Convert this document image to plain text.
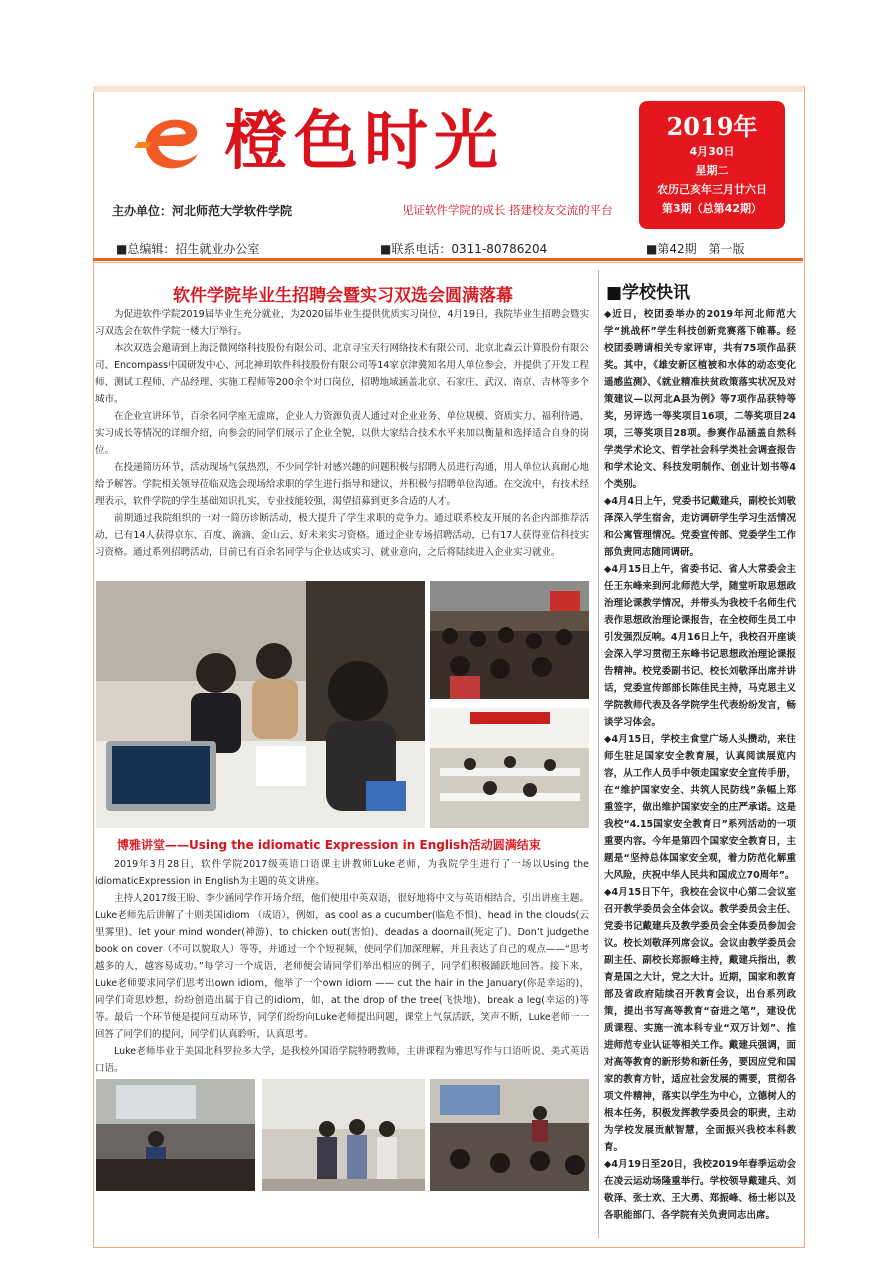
橙色时光
主办单位：河北师范大学软件学院	见证软件学院的成长 搭建校友交流的平台
2019年
4月30日
星期二
农历己亥年三月廿六日
第3期（总第42期）
■总编辑：招生就业办公室	■联系电话：0311-80786204	■第42期　第一版
软件学院毕业生招聘会暨实习双选会圆满落幕

为促进软件学院2019届毕业生充分就业，为2020届毕业生提供优质实习岗位，4月19日，我院毕业生招聘会暨实习双选会在软件学院一楼大厅举行。

本次双选会邀请到上海泛微网络科技股份有限公司、北京寻宝天行网络技术有限公司、北京北森云计算股份有限公司、Encompass中国研发中心、河北神玥软件科技股份有限公司等14家京津冀知名用人单位参会，并提供了开发工程师、测试工程师、产品经理、实施工程师等200余个对口岗位，招聘地域涵盖北京、石家庄、武汉、南京、吉林等多个城市。

在企业宣讲环节，百余名同学座无虚席，企业人力资源负责人通过对企业业务、单位规模、资质实力、福利待遇、实习成长等情况的详细介绍，向参会的同学们展示了企业全貌，以供大家结合技术水平来加以衡量和选择适合自身的岗位。

在投递简历环节，活动现场气氛热烈，不少同学针对感兴趣的问题积极与招聘人员进行沟通，用人单位认真耐心地给予解答。学院相关领导莅临双选会现场给求职的学生进行指导和建议，并积极与招聘单位沟通。在交流中，有技术经理表示，软件学院的学生基础知识扎实，专业技能较强，渴望招募到更多合适的人才。

前期通过我院组织的一对一简历诊断活动，极大提升了学生求职的竞争力。通过联系校友开展的名企内部推荐活动，已有14人获得京东、百度、滴滴、金山云、好未来实习资格。通过企业专场招聘活动，已有17人获得亚信科技实习资格。通过系列招聘活动，目前已有百余名同学与企业达成实习、就业意向，之后将陆续进入企业实习就业。

博雅讲堂——Using the idiomatic Expression in English活动圆满结束

2019年3月28日，软件学院2017级英语口语课主讲教师Luke老师，为我院学生进行了一场以Using the idiomaticExpression in English为主题的英文讲座。

主持人2017级王盼、李少涵同学作开场介绍，他们使用中英双语，很好地将中文与英语相结合，引出讲座主题。Luke老师先后讲解了十则美国idiom （成语），例如，as cool as a cucumber(临危不惧)、head in the clouds(云里雾里)、let your mind wonder(神游)、to chicken out(害怕)、deadas a doornail(死定了)、Don’t judgethe book on cover（不可以貌取人）等等，并通过一个个短视频，使同学们加深理解，并且表达了自己的观点——“思考越多的人，越容易成功。”每学习一个成语，老师便会请同学们举出相应的例子，同学们积极踊跃地回答。接下来，Luke老师要求同学们思考出own idiom，他举了一个own idiom —— cut the hair in the January(你是幸运的)，同学们奇思妙想，纷纷创造出属于自己的idiom，如，at the drop of the tree(飞快地)、break a leg(幸运的)等等。最后一个环节便是提问互动环节，同学们纷纷向Luke老师提出问题，课堂上气氛活跃，笑声不断，Luke老师一一回答了同学们的提问，同学们认真聆听，认真思考。

Luke老师毕业于美国北科罗拉多大学，是我校外国语学院特聘教师，主讲课程为雅思写作与口语听说、美式英语口语。

■学校快讯

◆近日，校团委举办的2019年河北师范大学“挑战杯”学生科技创新竞赛落下帷幕。经校团委聘请相关专家评审，共有75项作品获奖。其中，《雄安新区植被和水体的动态变化遥感监测》、《就业精准扶贫政策落实状况及对策建议—以河北A县为例》等7项作品获特等奖，另评选一等奖项目16项，二等奖项目24项，三等奖项目28项。参赛作品涵盖自然科学类学术论文、哲学社会科学类社会调查报告和学术论文、科技发明制作、创业计划书等4个类别。

◆4月4日上午，党委书记戴建兵，副校长刘敬泽深入学生宿舍，走访调研学生学习生活情况和公寓管理情况。党委宣传部、党委学生工作部负责同志随同调研。

◆4月15日上午，省委书记、省人大常委会主任王东峰来到河北师范大学，随堂听取思想政治理论课教学情况，并带头为我校千名师生代表作思想政治理论课报告，在全校师生员工中引发强烈反响。4月16日上午，我校召开座谈会深入学习贯彻王东峰书记思想政治理论课报告精神。校党委副书记、校长刘敬泽出席并讲话，党委宣传部部长陈佳民主持，马克思主义学院教师代表及各学院学生代表纷纷发言，畅谈学习体会。

◆4月15日，学校主食堂广场人头攒动，来往师生驻足国家安全教育展，认真阅读展览内容，从工作人员手中领走国家安全宣传手册，在“维护国家安全、共筑人民防线”条幅上郑重签字，做出维护国家安全的庄严承诺。这是我校“4.15国家安全教育日”系列活动的一项重要内容。今年是第四个国家安全教育日，主题是“坚持总体国家安全观，着力防范化解重大风险，庆祝中华人民共和国成立70周年”。

◆4月15日下午，我校在会议中心第二会议室召开教学委员会全体会议。教学委员会主任、党委书记戴建兵及教学委员会全体委员参加会议。校长刘敬泽列席会议。会议由教学委员会副主任、副校长郑振峰主持，戴建兵指出，教育是国之大计，党之大计。近期，国家和教育部及省政府陆续召开教育会议，出台系列政策，提出书写高等教育“奋进之笔”，建设优质课程、实施一流本科专业“双万计划”、推进师范专业认证等相关工作。戴建兵强调，面对高等教育的新形势和新任务，要因应党和国家的教育方针，适应社会发展的需要，贯彻各项文件精神，落实以学生为中心，立德树人的根本任务，积极发挥教学委员会的职责，主动为学校发展贡献智慧，全面振兴我校本科教育。

◆4月19日至20日，我校2019年春季运动会在凌云运动场隆重举行。学校领导戴建兵、刘敬泽、张士欢、王大勇、郑振峰、杨士彬以及各职能部门、各学院有关负责同志出席。
